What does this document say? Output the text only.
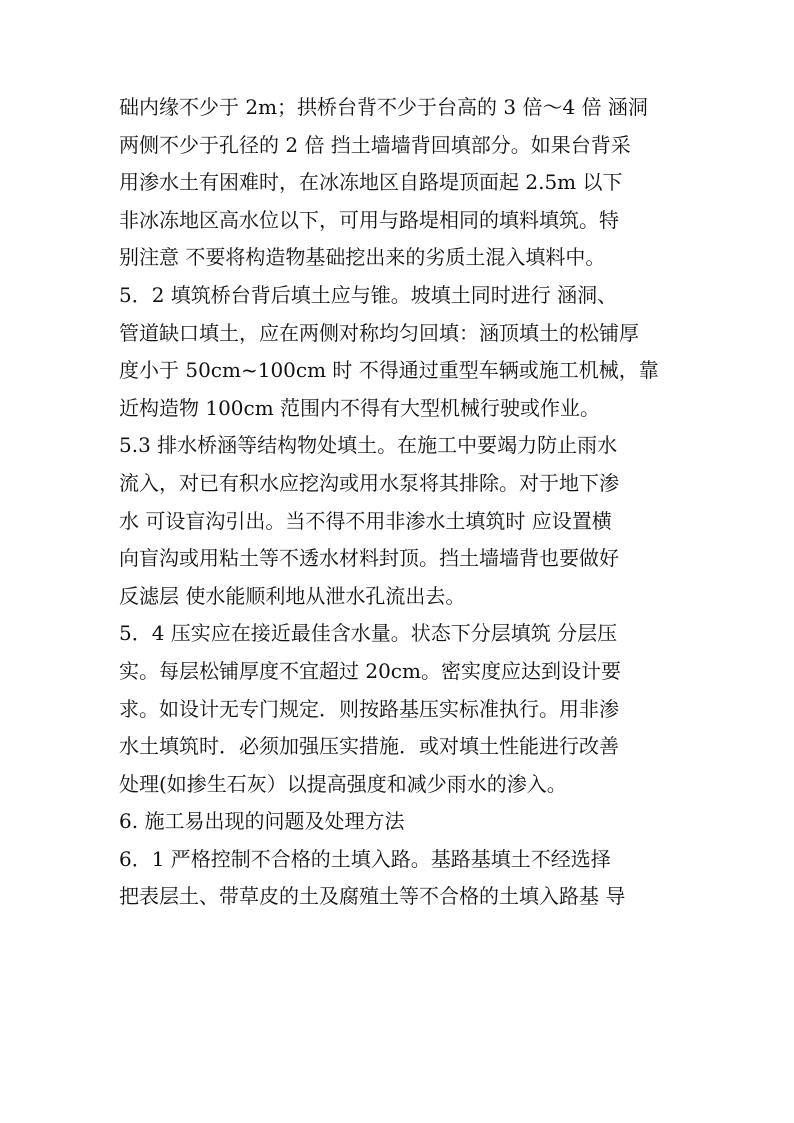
础内缘不少于 2m；拱桥台背不少于台高的 3 倍～4 倍 涵洞
两侧不少于孔径的 2 倍 挡土墙墙背回填部分。如果台背采
用渗水土有困难时，在冰冻地区自路堤顶面起 2.5m 以下
非冰冻地区高水位以下，可用与路堤相同的填料填筑。特
别注意 不要将构造物基础挖出来的劣质土混入填料中。
5．2 填筑桥台背后填土应与锥。坡填土同时进行 涵洞、
管道缺口填土，应在两侧对称均匀回填：涵顶填土的松铺厚
度小于 50cm~100cm 时 不得通过重型车辆或施工机械，靠
近构造物 100cm 范围内不得有大型机械行驶或作业。
5.3 排水桥涵等结构物处填土。在施工中要竭力防止雨水
流入，对已有积水应挖沟或用水泵将其排除。对于地下渗
水 可设盲沟引出。当不得不用非渗水土填筑时 应设置横
向盲沟或用粘土等不透水材料封顶。挡土墙墙背也要做好
反滤层 使水能顺利地从泄水孔流出去。
5．4 压实应在接近最佳含水量。状态下分层填筑 分层压
实。每层松铺厚度不宜超过 20cm。密实度应达到设计要
求。如设计无专门规定．则按路基压实标准执行。用非渗
水土填筑时．必须加强压实措施．或对填土性能进行改善
处理(如掺生石灰）以提高强度和减少雨水的渗入。
6. 施工易出现的问题及处理方法
6．1 严格控制不合格的土填入路。基路基填土不经选择
把表层土、带草皮的土及腐殖土等不合格的土填入路基 导
